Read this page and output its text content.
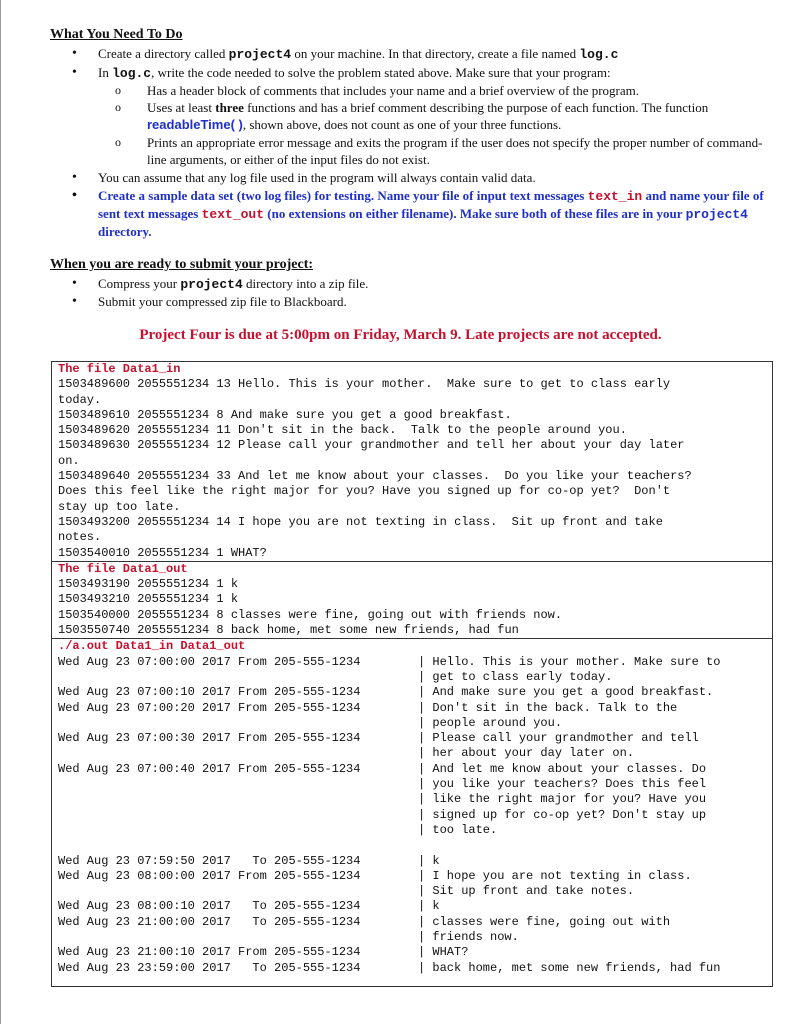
What You Need To Do
• Create a directory called project4 on your machine. In that directory, create a file named log.c
• In log.c, write the code needed to solve the problem stated above. Make sure that your program:
o Has a header block of comments that includes your name and a brief overview of the program.
o Uses at least three functions and has a brief comment describing the purpose of each function. The function readableTime( ), shown above, does not count as one of your three functions.
o Prints an appropriate error message and exits the program if the user does not specify the proper number of command-line arguments, or either of the input files do not exist.
• You can assume that any log file used in the program will always contain valid data.
• Create a sample data set (two log files) for testing. Name your file of input text messages text_in and name your file of sent text messages text_out (no extensions on either filename). Make sure both of these files are in your project4 directory.
When you are ready to submit your project:
• Compress your project4 directory into a zip file.
• Submit your compressed zip file to Blackboard.
Project Four is due at 5:00pm on Friday, March 9. Late projects are not accepted.
The file Data1_in
1503489600 2055551234 13 Hello. This is your mother.  Make sure to get to class early
today.
1503489610 2055551234 8 And make sure you get a good breakfast.
1503489620 2055551234 11 Don't sit in the back.  Talk to the people around you.
1503489630 2055551234 12 Please call your grandmother and tell her about your day later
on.
1503489640 2055551234 33 And let me know about your classes.  Do you like your teachers?
Does this feel like the right major for you? Have you signed up for co-op yet?  Don't
stay up too late.
1503493200 2055551234 14 I hope you are not texting in class.  Sit up front and take
notes.
1503540010 2055551234 1 WHAT?
The file Data1_out
1503493190 2055551234 1 k
1503493210 2055551234 1 k
1503540000 2055551234 8 classes were fine, going out with friends now.
1503550740 2055551234 8 back home, met some new friends, had fun
./a.out Data1_in Data1_out
Wed Aug 23 07:00:00 2017 From 205-555-1234	| Hello. This is your mother. Make sure to
| get to class early today.
Wed Aug 23 07:00:10 2017 From 205-555-1234	| And make sure you get a good breakfast.
Wed Aug 23 07:00:20 2017 From 205-555-1234	| Don't sit in the back. Talk to the
| people around you.
Wed Aug 23 07:00:30 2017 From 205-555-1234	| Please call your grandmother and tell
| her about your day later on.
Wed Aug 23 07:00:40 2017 From 205-555-1234	| And let me know about your classes. Do
| you like your teachers? Does this feel
| like the right major for you? Have you
| signed up for co-op yet? Don't stay up
| too late.
Wed Aug 23 07:59:50 2017   To 205-555-1234	| k
Wed Aug 23 08:00:00 2017 From 205-555-1234	| I hope you are not texting in class.
| Sit up front and take notes.
Wed Aug 23 08:00:10 2017   To 205-555-1234	| k
Wed Aug 23 21:00:00 2017   To 205-555-1234	| classes were fine, going out with
| friends now.
Wed Aug 23 21:00:10 2017 From 205-555-1234	| WHAT?
Wed Aug 23 23:59:00 2017   To 205-555-1234	| back home, met some new friends, had fun
